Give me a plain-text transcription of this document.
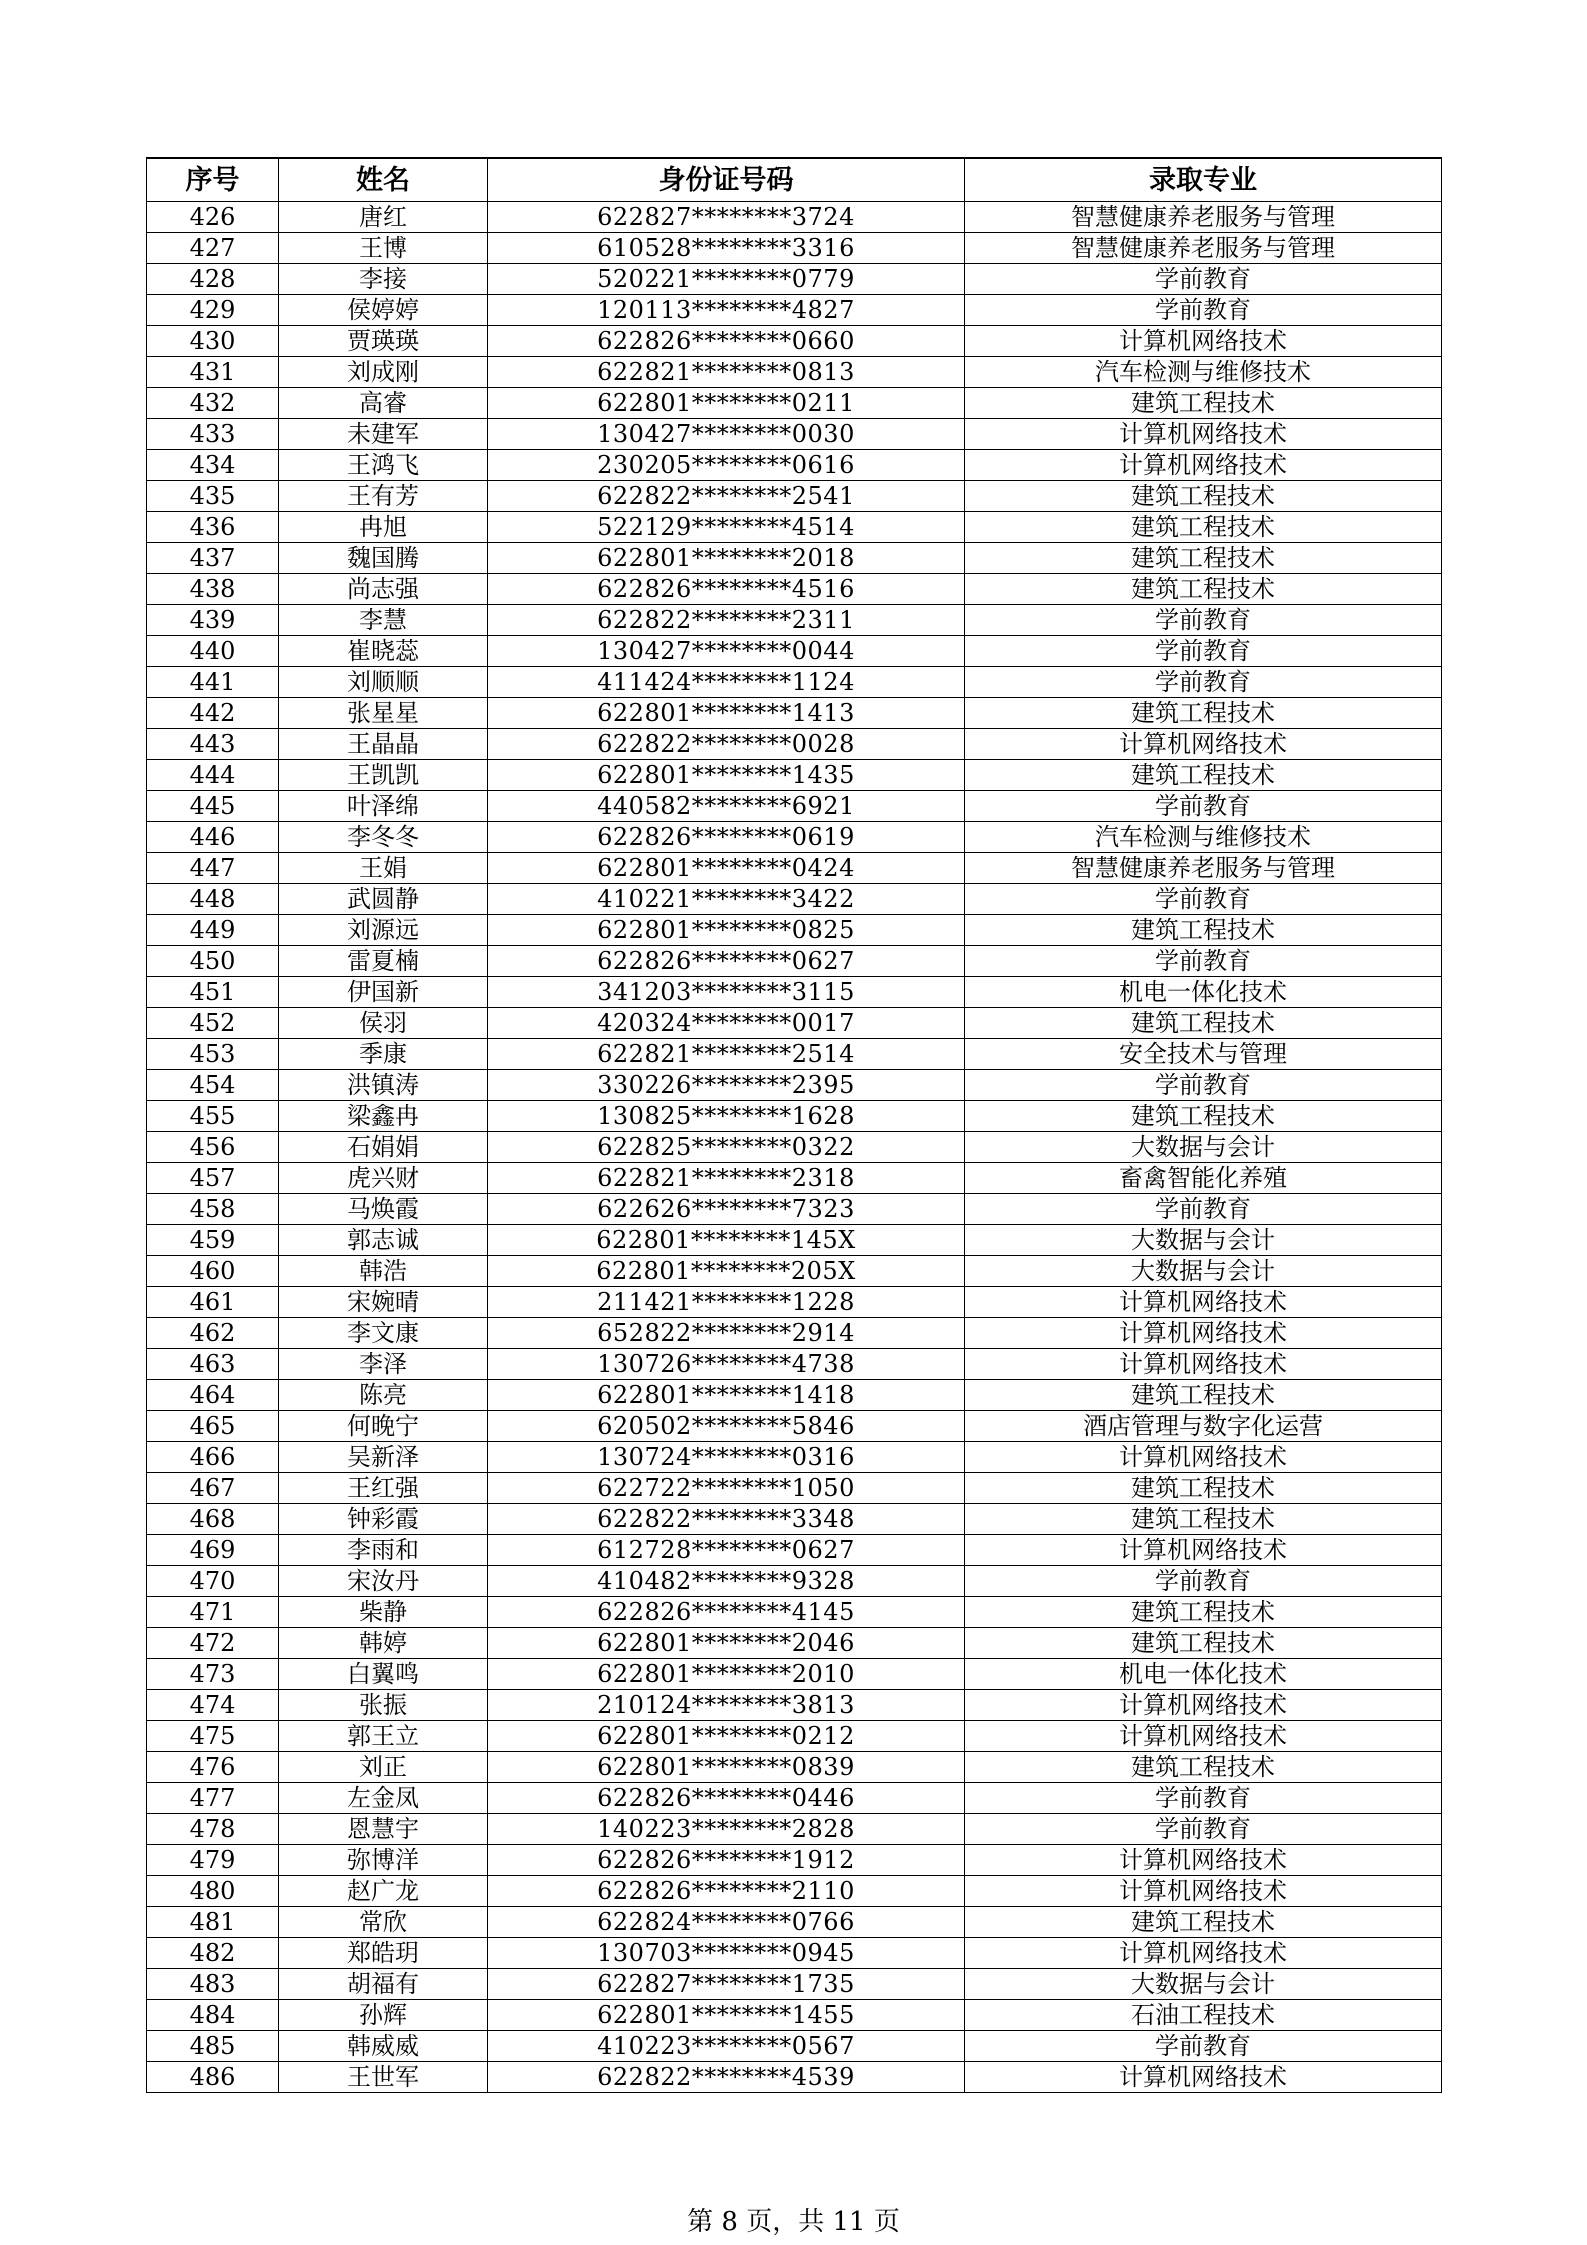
序号	姓名	身份证号码	录取专业
426	唐红	622827********3724	智慧健康养老服务与管理
427	王博	610528********3316	智慧健康养老服务与管理
428	李接	520221********0779	学前教育
429	侯婷婷	120113********4827	学前教育
430	贾瑛瑛	622826********0660	计算机网络技术
431	刘成刚	622821********0813	汽车检测与维修技术
432	高睿	622801********0211	建筑工程技术
433	未建军	130427********0030	计算机网络技术
434	王鸿飞	230205********0616	计算机网络技术
435	王有芳	622822********2541	建筑工程技术
436	冉旭	522129********4514	建筑工程技术
437	魏国腾	622801********2018	建筑工程技术
438	尚志强	622826********4516	建筑工程技术
439	李慧	622822********2311	学前教育
440	崔晓蕊	130427********0044	学前教育
441	刘顺顺	411424********1124	学前教育
442	张星星	622801********1413	建筑工程技术
443	王晶晶	622822********0028	计算机网络技术
444	王凯凯	622801********1435	建筑工程技术
445	叶泽绵	440582********6921	学前教育
446	李冬冬	622826********0619	汽车检测与维修技术
447	王娟	622801********0424	智慧健康养老服务与管理
448	武圆静	410221********3422	学前教育
449	刘源远	622801********0825	建筑工程技术
450	雷夏楠	622826********0627	学前教育
451	伊国新	341203********3115	机电一体化技术
452	侯羽	420324********0017	建筑工程技术
453	季康	622821********2514	安全技术与管理
454	洪镇涛	330226********2395	学前教育
455	梁鑫冉	130825********1628	建筑工程技术
456	石娟娟	622825********0322	大数据与会计
457	虎兴财	622821********2318	畜禽智能化养殖
458	马焕霞	622626********7323	学前教育
459	郭志诚	622801********145X	大数据与会计
460	韩浩	622801********205X	大数据与会计
461	宋婉晴	211421********1228	计算机网络技术
462	李文康	652822********2914	计算机网络技术
463	李泽	130726********4738	计算机网络技术
464	陈亮	622801********1418	建筑工程技术
465	何晚宁	620502********5846	酒店管理与数字化运营
466	吴新泽	130724********0316	计算机网络技术
467	王红强	622722********1050	建筑工程技术
468	钟彩霞	622822********3348	建筑工程技术
469	李雨和	612728********0627	计算机网络技术
470	宋汝丹	410482********9328	学前教育
471	柴静	622826********4145	建筑工程技术
472	韩婷	622801********2046	建筑工程技术
473	白翼鸣	622801********2010	机电一体化技术
474	张振	210124********3813	计算机网络技术
475	郭王立	622801********0212	计算机网络技术
476	刘正	622801********0839	建筑工程技术
477	左金凤	622826********0446	学前教育
478	恩慧宇	140223********2828	学前教育
479	弥博洋	622826********1912	计算机网络技术
480	赵广龙	622826********2110	计算机网络技术
481	常欣	622824********0766	建筑工程技术
482	郑皓玥	130703********0945	计算机网络技术
483	胡福有	622827********1735	大数据与会计
484	孙辉	622801********1455	石油工程技术
485	韩威威	410223********0567	学前教育
486	王世军	622822********4539	计算机网络技术
第 8 页，共 11 页
